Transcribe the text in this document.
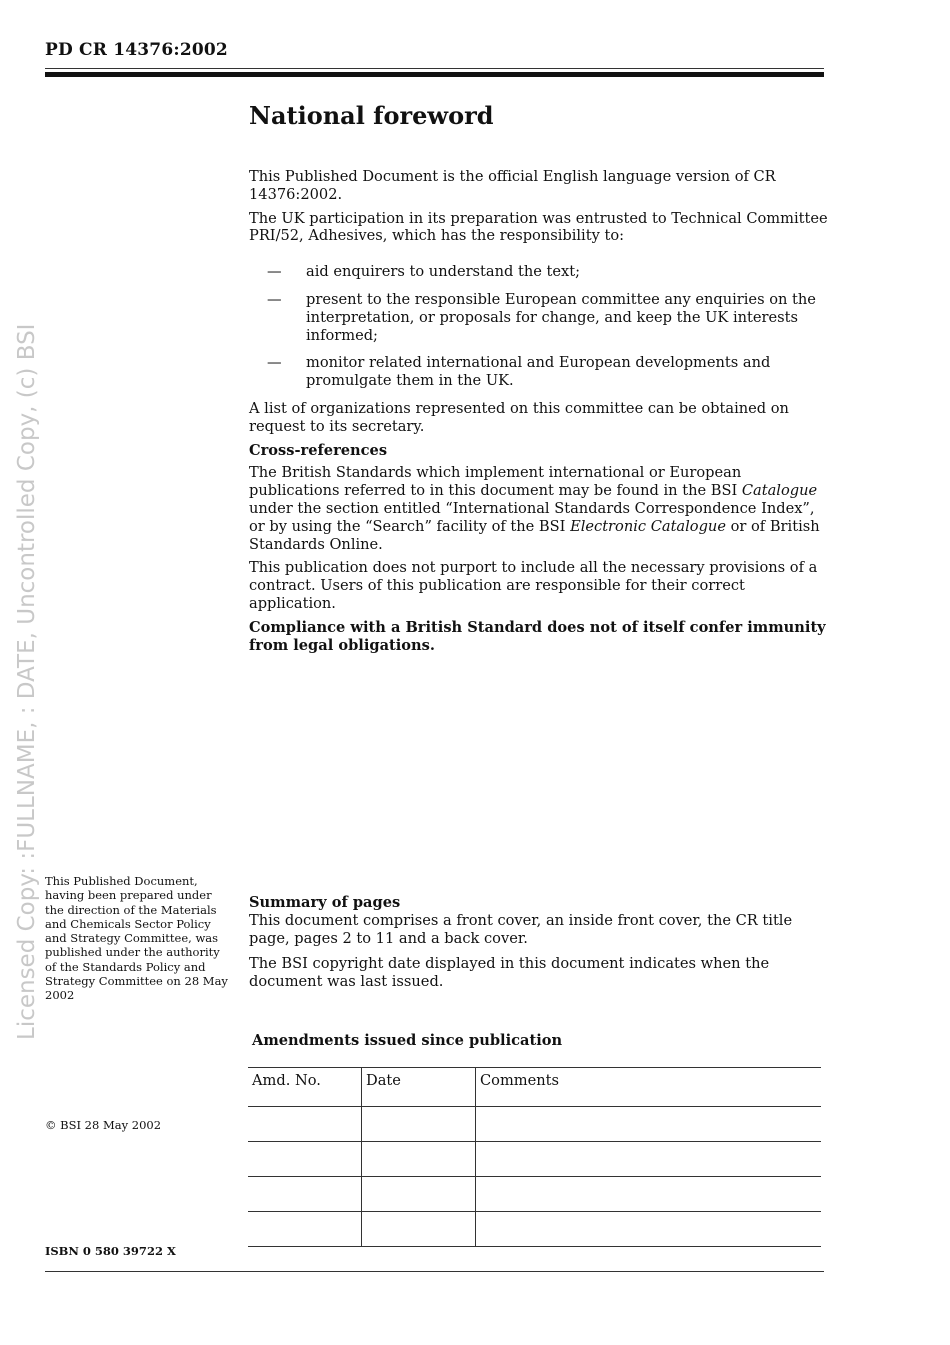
Licensed Copy: :FULLNAME, : DATE, Uncontrolled Copy, (c) BSI
PD CR 14376:2002
National foreword

This Published Document is the official English language version of CR 14376:2002.

The UK participation in its preparation was entrusted to Technical Committee PRI/52, Adhesives, which has the responsibility to:

— aid enquirers to understand the text;
— present to the responsible European committee any enquiries on the interpretation, or proposals for change, and keep the UK interests informed;
— monitor related international and European developments and promulgate them in the UK.

A list of organizations represented on this committee can be obtained on request to its secretary.

Cross-references

The British Standards which implement international or European publications referred to in this document may be found in the BSI Catalogue under the section entitled “International Standards Correspondence Index”, or by using the “Search” facility of the BSI Electronic Catalogue or of British Standards Online.

This publication does not purport to include all the necessary provisions of a contract. Users of this publication are responsible for their correct application.

Compliance with a British Standard does not of itself confer immunity from legal obligations.

This Published Document, having been prepared under the direction of the Materials and Chemicals Sector Policy and Strategy Committee, was published under the authority of the Standards Policy and Strategy Committee on 28 May 2002
Summary of pages

This document comprises a front cover, an inside front cover, the CR title page, pages 2 to 11 and a back cover.

The BSI copyright date displayed in this document indicates when the document was last issued.

Amendments issued since publication
Amd. No.	Date	Comments

© BSI 28 May 2002
ISBN 0 580 39722 X
